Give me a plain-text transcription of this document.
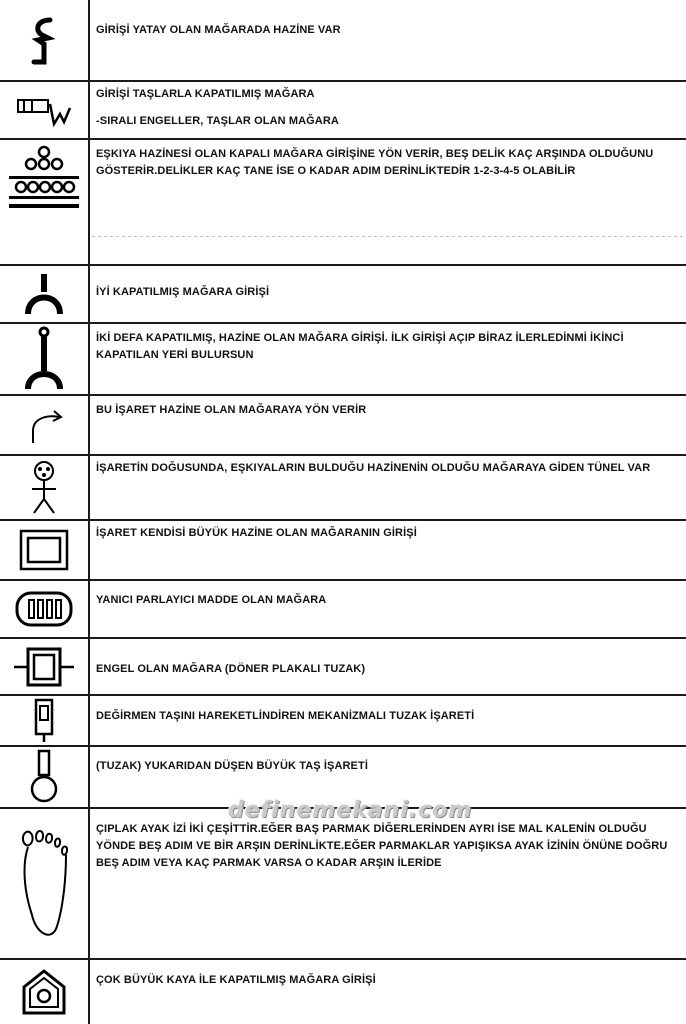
GİRİŞİ YATAY OLAN MAĞARADA HAZİNE VAR

GİRİŞİ TAŞLARLA KAPATILMIŞ MAĞARA

-SIRALI ENGELLER, TAŞLAR OLAN MAĞARA

EŞKIYA HAZİNESİ OLAN KAPALI MAĞARA GİRİŞİNE YÖN VERİR, BEŞ DELİK KAÇ ARŞINDA OLDUĞUNU GÖSTERİR.DELİKLER KAÇ TANE İSE O KADAR ADIM DERİNLİKTEDİR 1-2-3-4-5 OLABİLİR

İYİ KAPATILMIŞ MAĞARA GİRİŞİ

İKİ DEFA KAPATILMIŞ, HAZİNE OLAN MAĞARA GİRİŞİ. İLK GİRİŞİ AÇIP BİRAZ İLERLEDİNMİ İKİNCİ KAPATILAN YERİ BULURSUN

BU İŞARET HAZİNE OLAN MAĞARAYA YÖN VERİR

İŞARETİN DOĞUSUNDA, EŞKIYALARIN BULDUĞU HAZİNENİN OLDUĞU MAĞARAYA GİDEN TÜNEL VAR

İŞARET KENDİSİ BÜYÜK HAZİNE OLAN MAĞARANIN GİRİŞİ

YANICI PARLAYICI MADDE OLAN MAĞARA

ENGEL OLAN MAĞARA (DÖNER PLAKALI TUZAK)

DEĞİRMEN TAŞINI HAREKETLİNDİREN MEKANİZMALI TUZAK İŞARETİ

(TUZAK) YUKARIDAN DÜŞEN BÜYÜK TAŞ İŞARETİ

ÇIPLAK AYAK İZİ İKİ ÇEŞİTTİR.EĞER BAŞ PARMAK DİĞERLERİNDEN AYRI İSE MAL KALENİN OLDUĞU YÖNDE BEŞ ADIM VE BİR ARŞIN DERİNLİKTE.EĞER PARMAKLAR YAPIŞIKSA AYAK İZİNİN ÖNÜNE DOĞRU BEŞ ADIM VEYA KAÇ PARMAK VARSA O KADAR ARŞIN İLERİDE

ÇOK BÜYÜK KAYA İLE KAPATILMIŞ MAĞARA GİRİŞİ

definemekani.com
